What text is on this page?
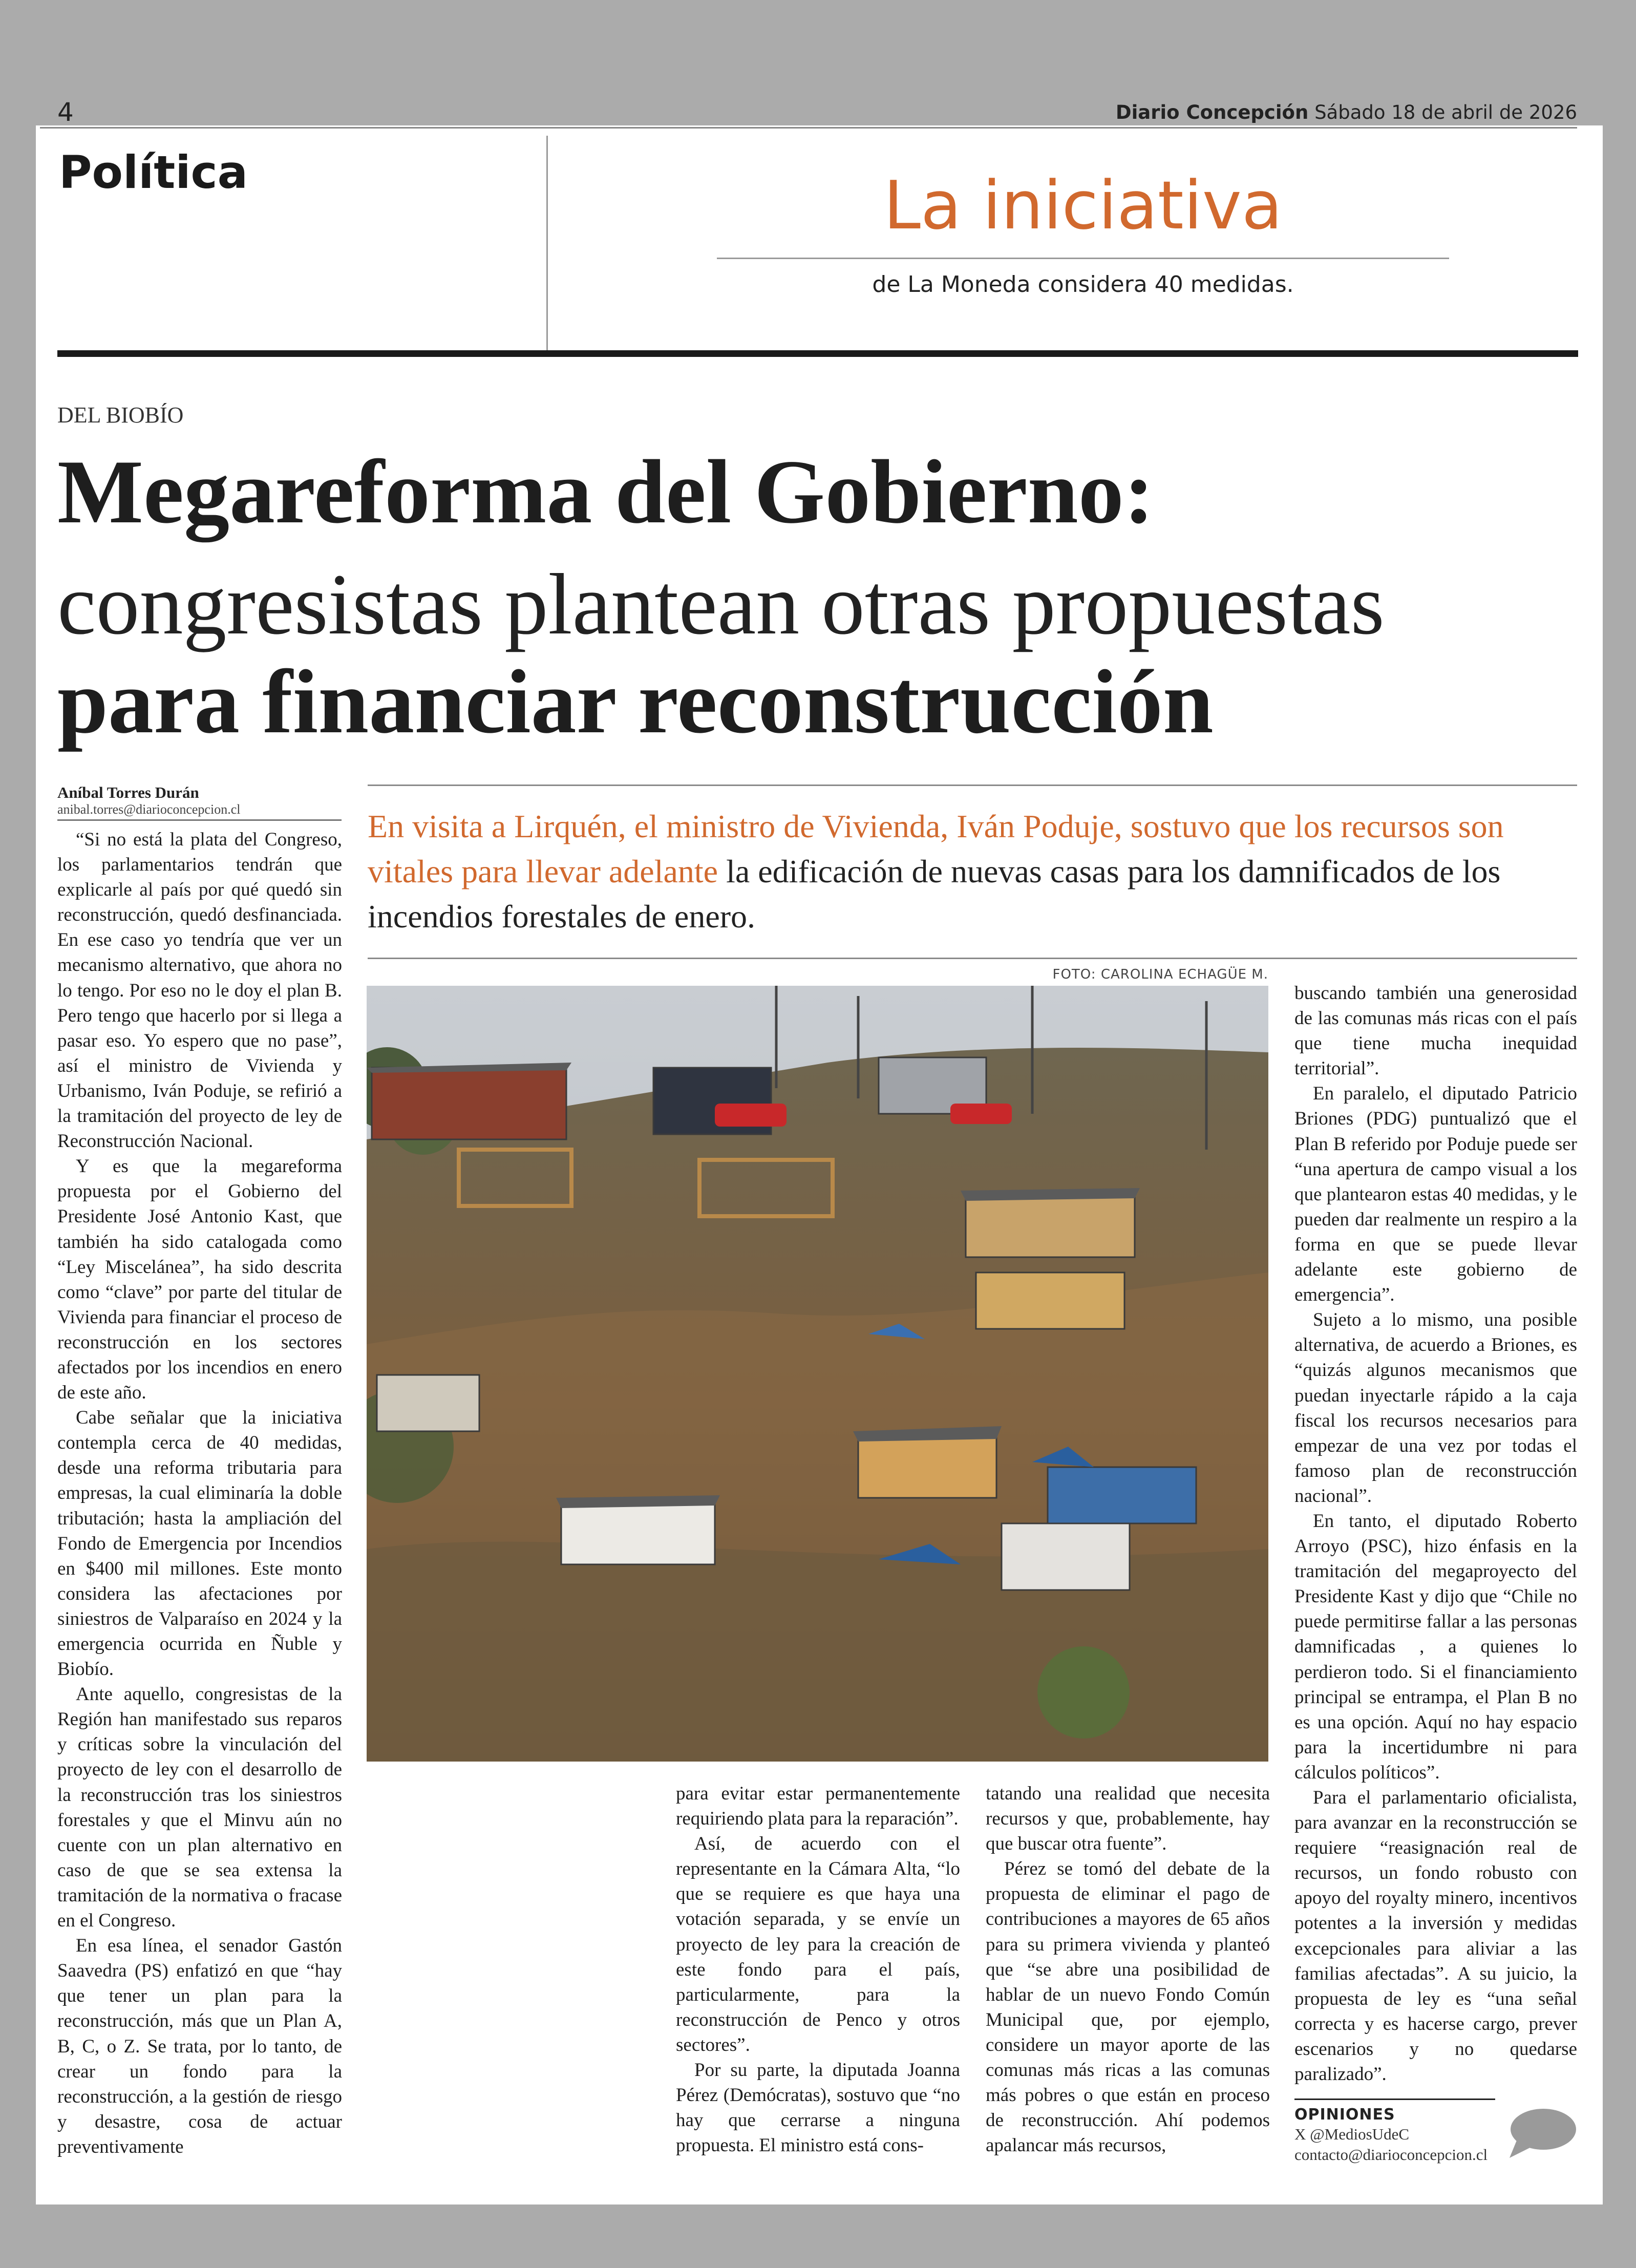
4	Diario Concepción Sábado 18 de abril de 2026
Política	La iniciativa
de La Moneda considera 40 medidas.
DEL BIOBÍO
Megareforma del Gobierno:
congresistas plantean otras propuestas
para financiar reconstrucción
Aníbal Torres Durán
anibal.torres@diarioconcepcion.cl	En visita a Lirquén, el ministro de Vivienda, Iván Poduje, sostuvo que los recursos son vitales para llevar adelante la edificación de nuevas casas para los damnificados de los incendios forestales de enero.
FOTO: CAROLINA ECHAGÜE M.

“Si no está la plata del Congreso, los parlamentarios tendrán que explicarle al país por qué quedó sin reconstrucción, quedó desfinanciada. En ese caso yo tendría que ver un mecanismo alternativo, que ahora no lo tengo. Por eso no le doy el plan B. Pero tengo que hacerlo por si llega a pasar eso. Yo espero que no pase”, así el ministro de Vivienda y Urbanismo, Iván Poduje, se refirió a la tramitación del proyecto de ley de Reconstrucción Nacional.

Y es que la megareforma propuesta por el Gobierno del Presidente José Antonio Kast, que también ha sido catalogada como “Ley Miscelánea”, ha sido descrita como “clave” por parte del titular de Vivienda para financiar el proceso de reconstrucción en los sectores afectados por los incendios en enero de este año.

Cabe señalar que la iniciativa contempla cerca de 40 medidas, desde una reforma tributaria para empresas, la cual eliminaría la doble tributación; hasta la ampliación del Fondo de Emergencia por Incendios en $400 mil millones. Este monto considera las afectaciones por siniestros de Valparaíso en 2024 y la emergencia ocurrida en Ñuble y Biobío.

Ante aquello, congresistas de la Región han manifestado sus reparos y críticas sobre la vinculación del proyecto de ley con el desarrollo de la reconstrucción tras los siniestros forestales y que el Minvu aún no cuente con un plan alternativo en caso de que se sea extensa la tramitación de la normativa o fracase en el Congreso.

En esa línea, el senador Gastón Saavedra (PS) enfatizó en que “hay que tener un plan para la reconstrucción, más que un Plan A, B, C, o Z. Se trata, por lo tanto, de crear un fondo para la reconstrucción, a la gestión de riesgo y desastre, cosa de actuar preventivamente

para evitar estar permanentemente requiriendo plata para la reparación”.

Así, de acuerdo con el representante en la Cámara Alta, “lo que se requiere es que haya una votación separada, y se envíe un proyecto de ley para la creación de este fondo para el país, particularmente, para la reconstrucción de Penco y otros sectores”.

Por su parte, la diputada Joanna Pérez (Demócratas), sostuvo que “no hay que cerrarse a ninguna propuesta. El ministro está cons-

tatando una realidad que necesita recursos y que, probablemente, hay que buscar otra fuente”.

Pérez se tomó del debate de la propuesta de eliminar el pago de contribuciones a mayores de 65 años para su primera vivienda y planteó que “se abre una posibilidad de hablar de un nuevo Fondo Común Municipal que, por ejemplo, considere un mayor aporte de las comunas más ricas a las comunas más pobres o que están en proceso de reconstrucción. Ahí podemos apalancar más recursos,

buscando también una generosidad de las comunas más ricas con el país que tiene mucha inequidad territorial”.

En paralelo, el diputado Patricio Briones (PDG) puntualizó que el Plan B referido por Poduje puede ser “una apertura de campo visual a los que plantearon estas 40 medidas, y le pueden dar realmente un respiro a la forma en que se puede llevar adelante este gobierno de emergencia”.

Sujeto a lo mismo, una posible alternativa, de acuerdo a Briones, es “quizás algunos mecanismos que puedan inyectarle rápido a la caja fiscal los recursos necesarios para empezar de una vez por todas el famoso plan de reconstrucción nacional”.

En tanto, el diputado Roberto Arroyo (PSC), hizo énfasis en la tramitación del megaproyecto del Presidente Kast y dijo que “Chile no puede permitirse fallar a las personas damnificadas , a quienes lo perdieron todo. Si el financiamiento principal se entrampa, el Plan B no es una opción. Aquí no hay espacio para la incertidumbre ni para cálculos políticos”.

Para el parlamentario oficialista, para avanzar en la reconstrucción se requiere “reasignación real de recursos, un fondo robusto con apoyo del royalty minero, incentivos potentes a la inversión y medidas excepcionales para aliviar a las familias afectadas”. A su juicio, la propuesta de ley es “una señal correcta y es hacerse cargo, prever escenarios y no quedarse paralizado”.

OPINIONES
X @MediosUdeC
contacto@diarioconcepcion.cl
